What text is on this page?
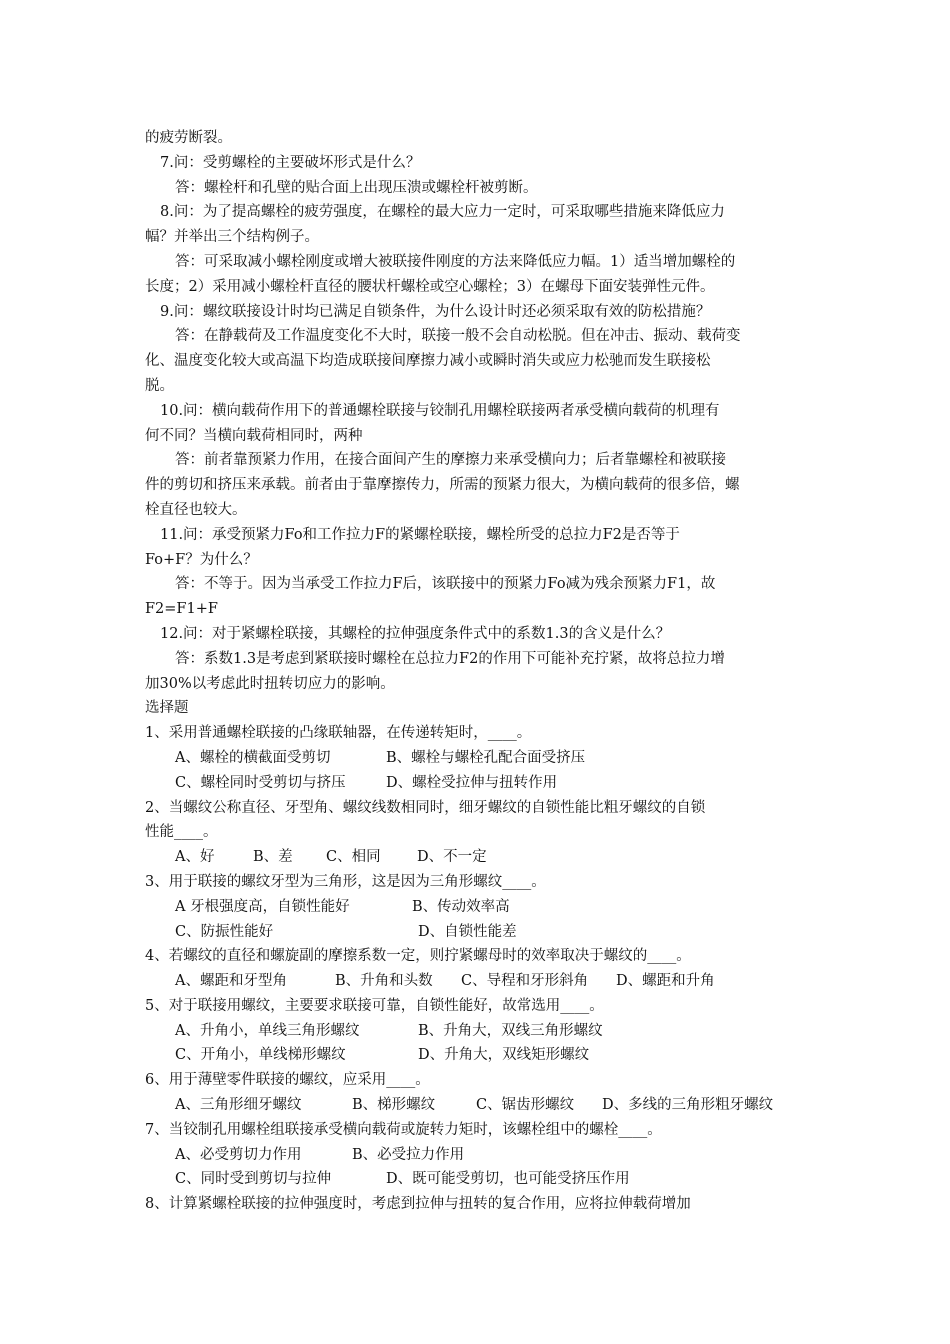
的疲劳断裂。
7.问：受剪螺栓的主要破坏形式是什么？
答：螺栓杆和孔壁的贴合面上出现压溃或螺栓杆被剪断。
8.问：为了提高螺栓的疲劳强度，在螺栓的最大应力一定时，可采取哪些措施来降低应力
幅？并举出三个结构例子。
答：可采取减小螺栓刚度或增大被联接件刚度的方法来降低应力幅。1）适当增加螺栓的
长度；2）采用减小螺栓杆直径的腰状杆螺栓或空心螺栓；3）在螺母下面安装弹性元件。
9.问：螺纹联接设计时均已满足自锁条件，为什么设计时还必须采取有效的防松措施？
答：在静载荷及工作温度变化不大时，联接一般不会自动松脱。但在冲击、振动、载荷变
化、温度变化较大或高温下均造成联接间摩擦力减小或瞬时消失或应力松驰而发生联接松
脱。
10.问：横向载荷作用下的普通螺栓联接与铰制孔用螺栓联接两者承受横向载荷的机理有
何不同？当横向载荷相同时，两种
答：前者靠预紧力作用，在接合面间产生的摩擦力来承受横向力；后者靠螺栓和被联接
件的剪切和挤压来承载。前者由于靠摩擦传力，所需的预紧力很大，为横向载荷的很多倍，螺
栓直径也较大。
11.问：承受预紧力Fo和工作拉力F的紧螺栓联接，螺栓所受的总拉力F2是否等于
Fo+F？为什么？
答：不等于。因为当承受工作拉力F后，该联接中的预紧力Fo减为残余预紧力F1，故
F2=F1+F
12.问：对于紧螺栓联接，其螺栓的拉伸强度条件式中的系数1.3的含义是什么？
答：系数1.3是考虑到紧联接时螺栓在总拉力F2的作用下可能补充拧紧，故将总拉力增
加30%以考虑此时扭转切应力的影响。
选择题
1、采用普通螺栓联接的凸缘联轴器，在传递转矩时，____。
A、螺栓的横截面受剪切	B、螺栓与螺栓孔配合面受挤压
C、螺栓同时受剪切与挤压	D、螺栓受拉伸与扭转作用
2、当螺纹公称直径、牙型角、螺纹线数相同时，细牙螺纹的自锁性能比粗牙螺纹的自锁
性能____。
A、好	B、差 C、相同	D、不一定
3、用于联接的螺纹牙型为三角形，这是因为三角形螺纹____。
A 牙根强度高，自锁性能好	B、传动效率高
C、防振性能好	D、自锁性能差
4、若螺纹的直径和螺旋副的摩擦系数一定，则拧紧螺母时的效率取决于螺纹的____。
A、螺距和牙型角	B、升角和头数 C、导程和牙形斜角 D、螺距和升角
5、对于联接用螺纹，主要要求联接可靠，自锁性能好，故常选用____。
A、升角小，单线三角形螺纹	B、升角大，双线三角形螺纹
C、开角小，单线梯形螺纹	D、升角大，双线矩形螺纹
6、用于薄壁零件联接的螺纹，应采用____。
A、三角形细牙螺纹	B、梯形螺纹	C、锯齿形螺纹 D、多线的三角形粗牙螺纹
7、当铰制孔用螺栓组联接承受横向载荷或旋转力矩时，该螺栓组中的螺栓____。
A、必受剪切力作用	B、必受拉力作用
C、同时受到剪切与拉伸	D、既可能受剪切，也可能受挤压作用
8、计算紧螺栓联接的拉伸强度时，考虑到拉伸与扭转的复合作用，应将拉伸载荷增加
